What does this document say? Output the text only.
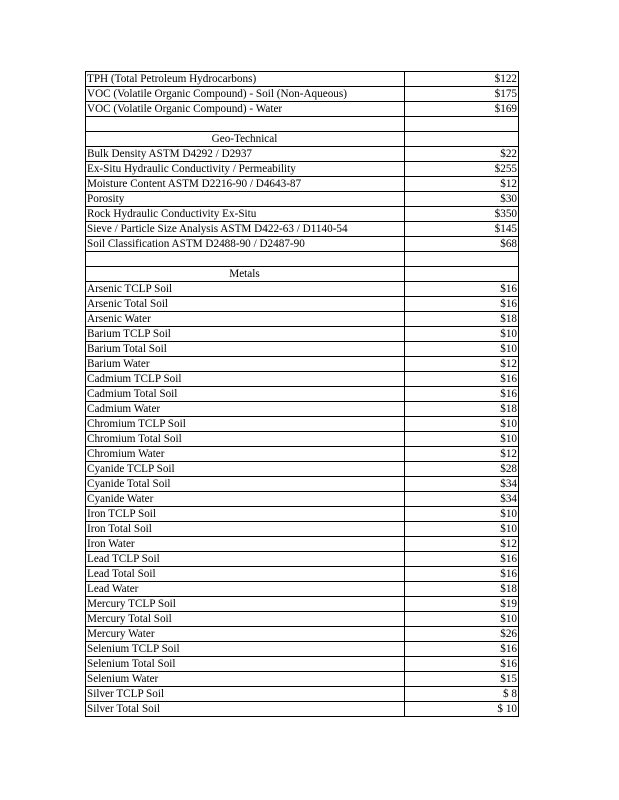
TPH (Total Petroleum Hydrocarbons)	$122
VOC (Volatile Organic Compound) - Soil (Non-Aqueous)	$175
VOC (Volatile Organic Compound) - Water	$169
Geo-Technical
Bulk Density ASTM D4292 / D2937	$22
Ex-Situ Hydraulic Conductivity / Permeability	$255
Moisture Content ASTM D2216-90 / D4643-87	$12
Porosity	$30
Rock Hydraulic Conductivity Ex-Situ	$350
Sieve / Particle Size Analysis ASTM D422-63 / D1140-54	$145
Soil Classification ASTM D2488-90 / D2487-90	$68
Metals
Arsenic TCLP Soil	$16
Arsenic Total Soil	$16
Arsenic Water	$18
Barium TCLP Soil	$10
Barium Total Soil	$10
Barium Water	$12
Cadmium TCLP Soil	$16
Cadmium Total Soil	$16
Cadmium Water	$18
Chromium TCLP Soil	$10
Chromium Total Soil	$10
Chromium Water	$12
Cyanide TCLP Soil	$28
Cyanide Total Soil	$34
Cyanide Water	$34
Iron TCLP Soil	$10
Iron Total Soil	$10
Iron Water	$12
Lead TCLP Soil	$16
Lead Total Soil	$16
Lead Water	$18
Mercury TCLP Soil	$19
Mercury Total Soil	$10
Mercury Water	$26
Selenium TCLP Soil	$16
Selenium Total Soil	$16
Selenium Water	$15
Silver TCLP Soil	$ 8
Silver Total Soil	$ 10
